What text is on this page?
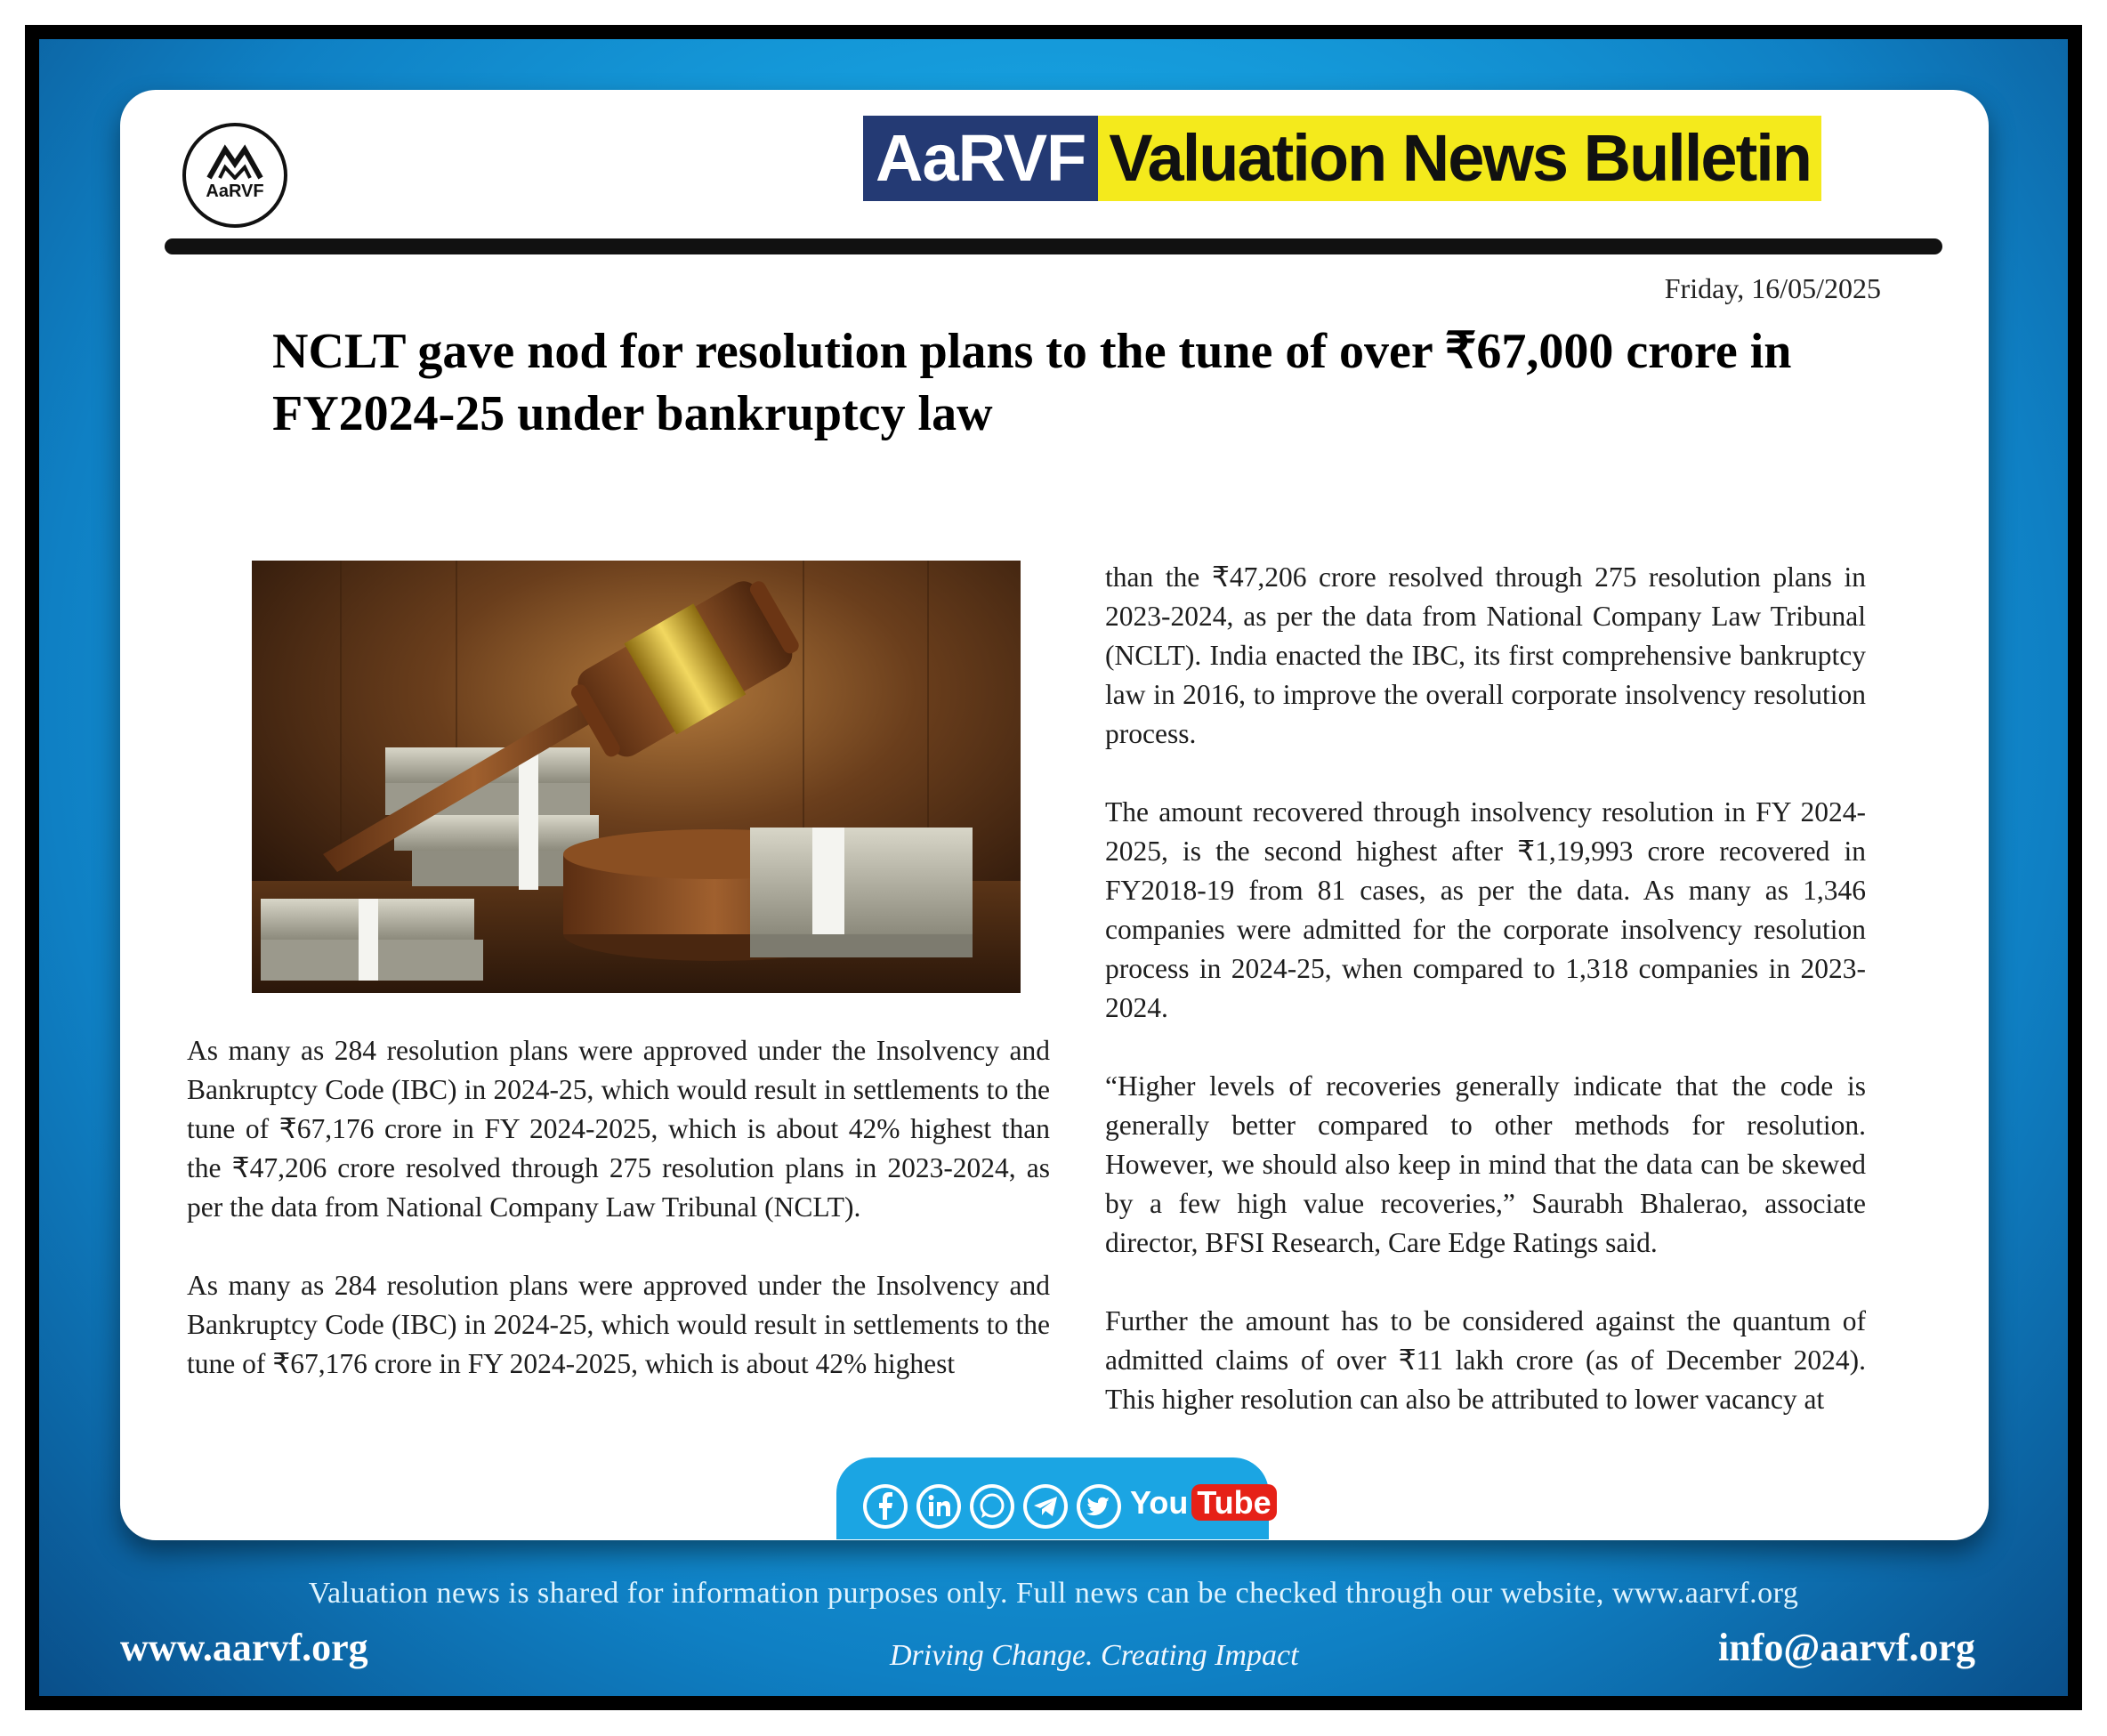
AaRVF	AaRVF Valuation News Bulletin
Friday, 16/05/2025
NCLT gave nod for resolution plans to the tune of over ₹67,000 crore in FY2024-25 under bankruptcy law

As many as 284 resolution plans were approved under the Insolvency and Bankruptcy Code (IBC) in 2024-25, which would result in settlements to the tune of ₹67,176 crore in FY 2024-2025, which is about 42% highest than the ₹47,206 crore resolved through 275 resolution plans in 2023-2024, as per the data from National Company Law Tribunal (NCLT).

As many as 284 resolution plans were approved under the Insolvency and Bankruptcy Code (IBC) in 2024-25, which would result in settlements to the tune of ₹67,176 crore in FY 2024-2025, which is about 42% highest

than the ₹47,206 crore resolved through 275 resolution plans in 2023-2024, as per the data from National Company Law Tribunal (NCLT). India enacted the IBC, its first comprehensive bankruptcy law in 2016, to improve the overall corporate insolvency resolution process.

The amount recovered through insolvency resolution in FY 2024-2025, is the second highest after ₹1,19,993 crore recovered in FY2018-19 from 81 cases, as per the data. As many as 1,346 companies were admitted for the corporate insolvency resolution process in 2024-25, when compared to 1,318 companies in 2023-2024.

“Higher levels of recoveries generally indicate that the code is generally better compared to other methods for resolution. However, we should also keep in mind that the data can be skewed by a few high value recoveries,” Saurabh Bhalerao, associate director, BFSI Research, Care Edge Ratings said.

Further the amount has to be considered against the quantum of admitted claims of over ₹11 lakh crore (as of December 2024). This higher resolution can also be attributed to lower vacancy at

You Tube
Valuation news is shared for information purposes only. Full news can be checked through our website, www.aarvf.org
www.aarvf.org	Driving Change. Creating Impact	info@aarvf.org
